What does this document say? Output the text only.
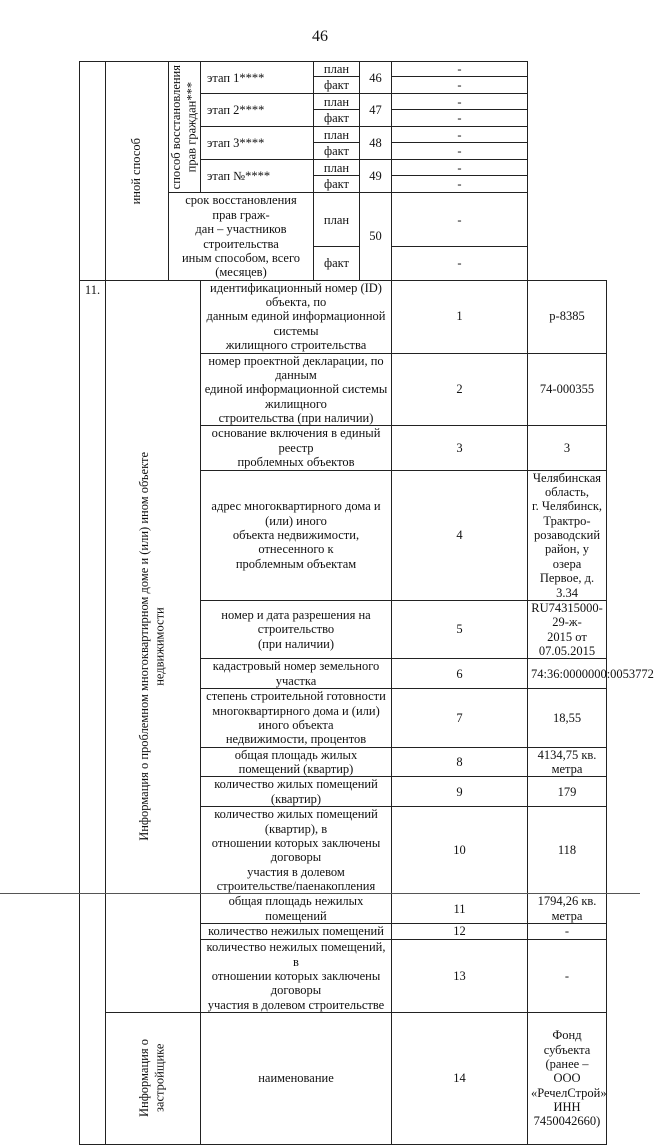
46

	иной способ	способ восстановления прав граждан***	этап 1****	план	46	-	
				факт		-	
			этап 2****	план	47	-	
				факт		-	
			этап 3****	план	48	-	
				факт		-	
			этап №****	план	49	-	
				факт		-	
		срок восстановления прав граж-
дан – участников строительства
иным способом, всего (месяцев)		план	50	-	
				факт		-	
11.	Информация о проблемном многоквартирном доме и (или) ином объекте недвижимости		идентификационный номер (ID) объекта, по
данным единой информационной системы
жилищного строительства			1	р-8385
			номер проектной декларации, по данным
единой информационной системы жилищного
строительства (при наличии)			2	74-000355
			основание включения в единый реестр
проблемных объектов			3	3
			адрес многоквартирного дома и (или) иного
объекта недвижимости, отнесенного к
проблемным объектам			4	Челябинская область,
г. Челябинск, Трактро-
розаводский район, у
озера Первое, д. 3.34
			номер и дата разрешения на строительство
(при наличии)			5	RU74315000-29-ж-
2015 от 07.05.2015
			кадастровый номер земельного участка			6	74:36:0000000:0053772
			степень строительной готовности
многоквартирного дома и (или) иного объекта
недвижимости, процентов			7	18,55
			общая площадь жилых помещений (квартир)			8	4134,75 кв. метра
			количество жилых помещений (квартир)			9	179
			количество жилых помещений (квартир), в
отношении которых заключены договоры
участия в долевом
строительстве/паенакопления			10	118
			общая площадь нежилых помещений			11	1794,26 кв. метра
			количество нежилых помещений			12	-
			количество нежилых помещений, в
отношении которых заключены договоры
участия в долевом строительстве			13	-

	Информация о застройщике		наименование			14	Фонд субъекта
(ранее – ООО
«РечелСтрой» ИНН
7450042660)
